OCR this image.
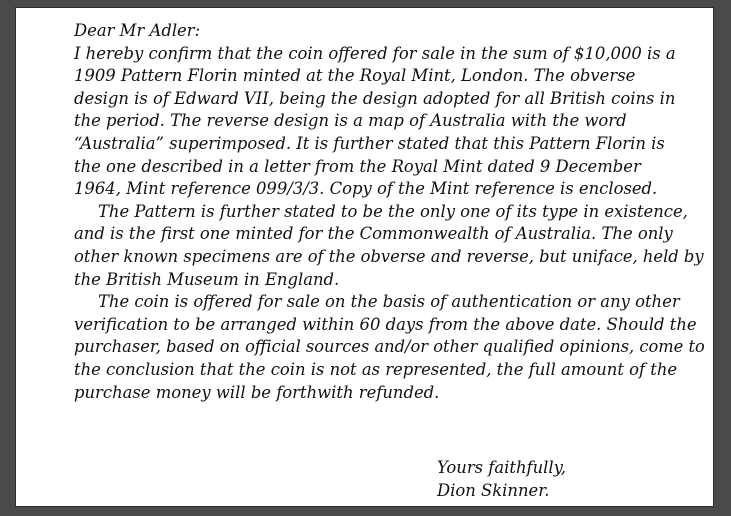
Dear Mr Adler:
I hereby confirm that the coin offered for sale in the sum of $10,000 is a
1909 Pattern Florin minted at the Royal Mint, London. The obverse
design is of Edward VII, being the design adopted for all British coins in
the period. The reverse design is a map of Australia with the word
“Australia” superimposed. It is further stated that this Pattern Florin is
the one described in a letter from the Royal Mint dated 9 December
1964, Mint reference 099/3/3. Copy of the Mint reference is enclosed.
The Pattern is further stated to be the only one of its type in existence,
and is the first one minted for the Commonwealth of Australia. The only
other known specimens are of the obverse and reverse, but uniface, held by
the British Museum in England.
The coin is offered for sale on the basis of authentication or any other
verification to be arranged within 60 days from the above date. Should the
purchaser, based on official sources and/or other qualified opinions, come to
the conclusion that the coin is not as represented, the full amount of the
purchase money will be forthwith refunded.
Yours faithfully,
Dion Skinner.
